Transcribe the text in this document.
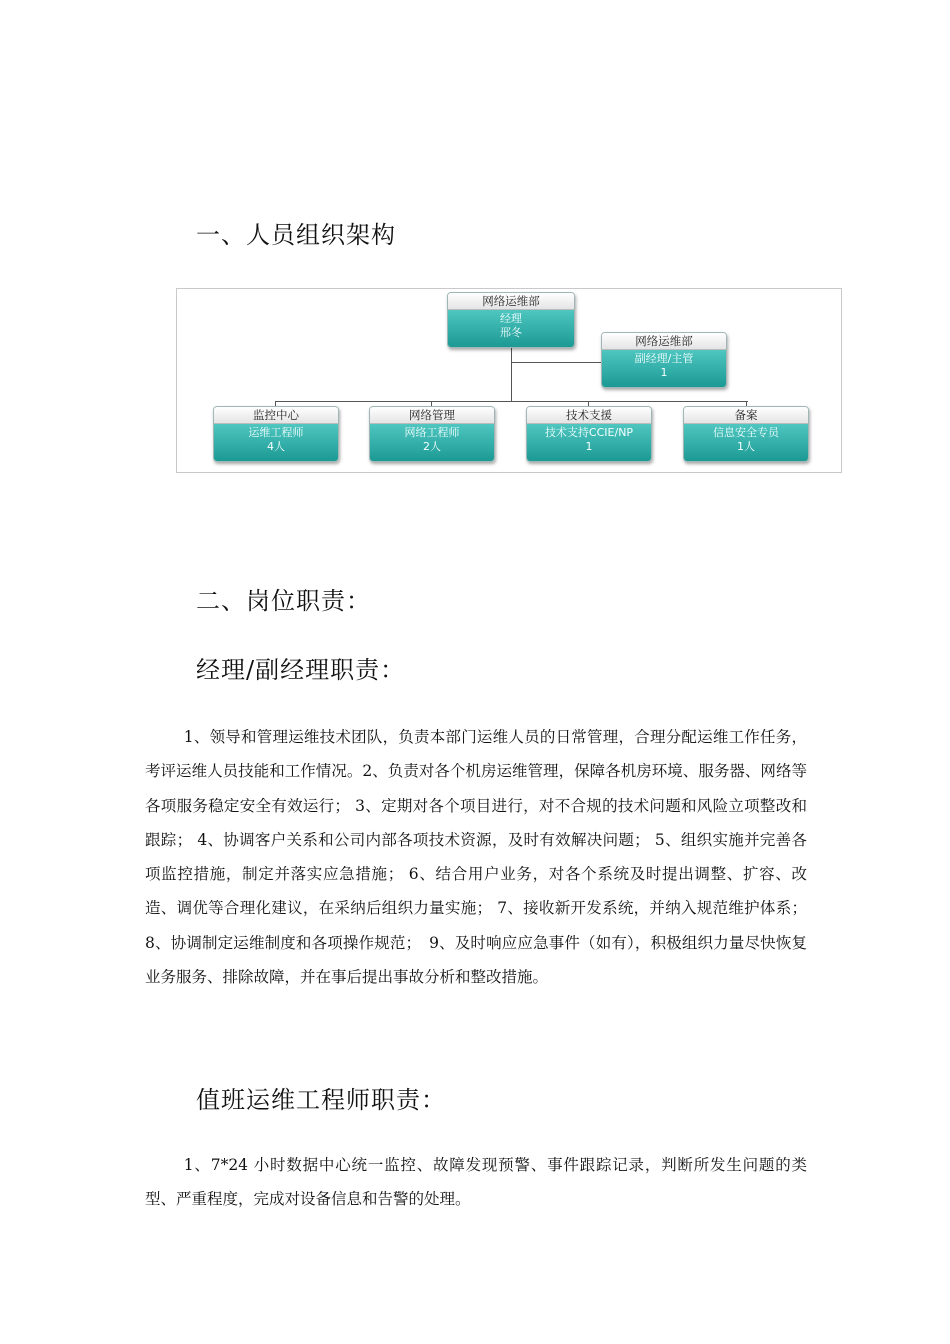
一、人员组织架构
网络运维部
经理
邢冬
网络运维部
副经理/主管
1
监控中心
运维工程师
4人
网络管理
网络工程师
2人
技术支援
技术支持CCIE/NP
1
备案
信息安全专员
1人
二、岗位职责：
经理/副经理职责：
1、领导和管理运维技术团队，负责本部门运维人员的日常管理，合理分配运维工作任务，考评运维人员技能和工作情况。2、负责对各个机房运维管理，保障各机房环境、服务器、网络等各项服务稳定安全有效运行； 3、定期对各个项目进行，对不合规的技术问题和风险立项整改和跟踪； 4、协调客户关系和公司内部各项技术资源，及时有效解决问题； 5、组织实施并完善各项监控措施，制定并落实应急措施； 6、结合用户业务，对各个系统及时提出调整、扩容、改造、调优等合理化建议，在采纳后组织力量实施； 7、接收新开发系统，并纳入规范维护体系； 8、协调制定运维制度和各项操作规范；　9、及时响应应急事件（如有），积极组织力量尽快恢复业务服务、排除故障，并在事后提出事故分析和整改措施。
值班运维工程师职责：
1、7*24 小时数据中心统一监控、故障发现预警、事件跟踪记录，判断所发生问题的类型、严重程度，完成对设备信息和告警的处理。
